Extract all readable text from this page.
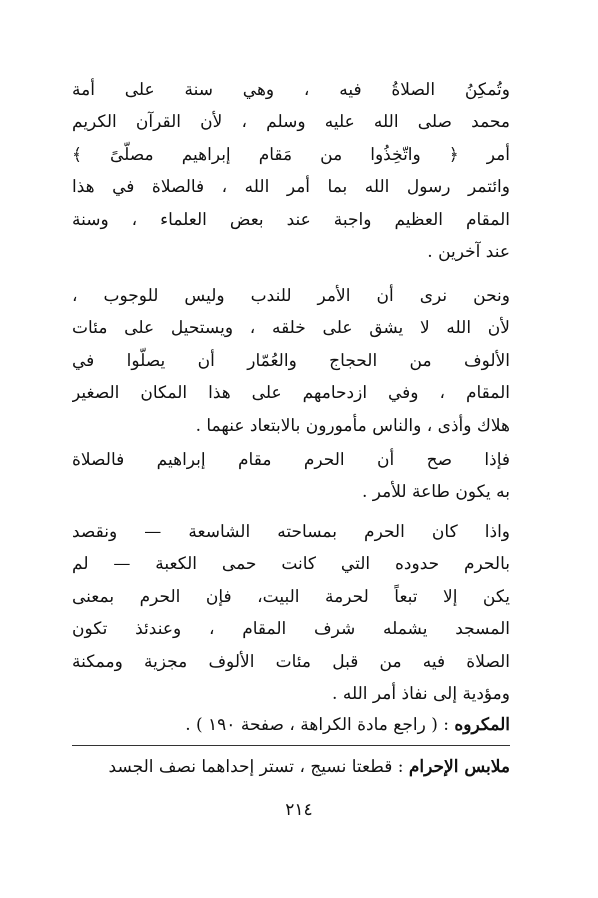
وتُمكِنُ الصلاةُ فيه ، وهي سنة على أمة
محمد صلى الله عليه وسلم ، لأن القرآن الكريم
أمر ﴿ واتّخِذُوا من مَقام إبراهيم مصلّىً ﴾
وائتمر رسول الله بما أمر الله ، فالصلاة في هذا
المقام العظيم واجبة عند بعض العلماء ، وسنة
عند آخرين .
ونحن نرى أن الأمر للندب وليس للوجوب ،
لأن الله لا يشق على خلقه ، ويستحيل على مئات
الألوف من الحجاج والعُمّار أن يصلّوا في
المقام ، وفي ازدحامهم على هذا المكان الصغير
هلاك وأذى ، والناس مأمورون بالابتعاد عنهما .
فإذا صح أن الحرم مقام إبراهيم فالصلاة
به يكون طاعة للأمر .
واذا كان الحرم بمساحته الشاسعة — ونقصد
بالحرم حدوده التي كانت حمى الكعبة — لم
يكن إلا تبعاً لحرمة البيت، فإن الحرم بمعنى
المسجد يشمله شرف المقام ، وعندئذ تكون
الصلاة فيه من قبل مئات الألوف مجزية وممكنة
ومؤدية إلى نفاذ أمر الله .
المكروه : ( راجع مادة الكراهة ، صفحة ١٩٠ ) .
ملابس الإحرام : قطعتا نسيج ، تستر إحداهما نصف الجسد
٢١٤
